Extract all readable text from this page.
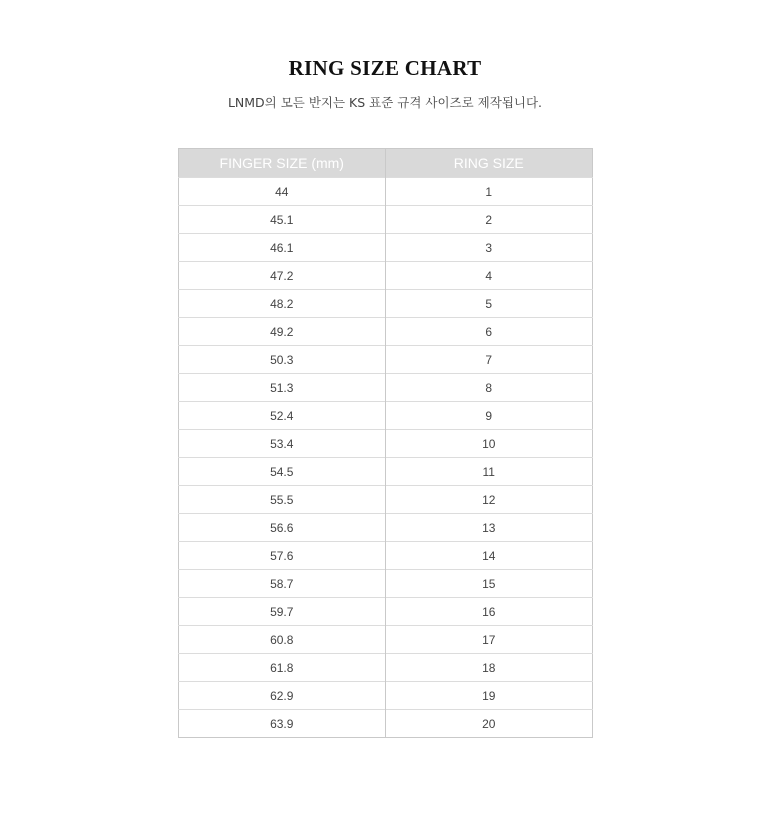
RING SIZE CHART

LNMD의 모든 반지는 KS 표준 규격 사이즈로 제작됩니다.

FINGER SIZE (mm)	RING SIZE
44	1
45.1	2
46.1	3
47.2	4
48.2	5
49.2	6
50.3	7
51.3	8
52.4	9
53.4	10
54.5	11
55.5	12
56.6	13
57.6	14
58.7	15
59.7	16
60.8	17
61.8	18
62.9	19
63.9	20
